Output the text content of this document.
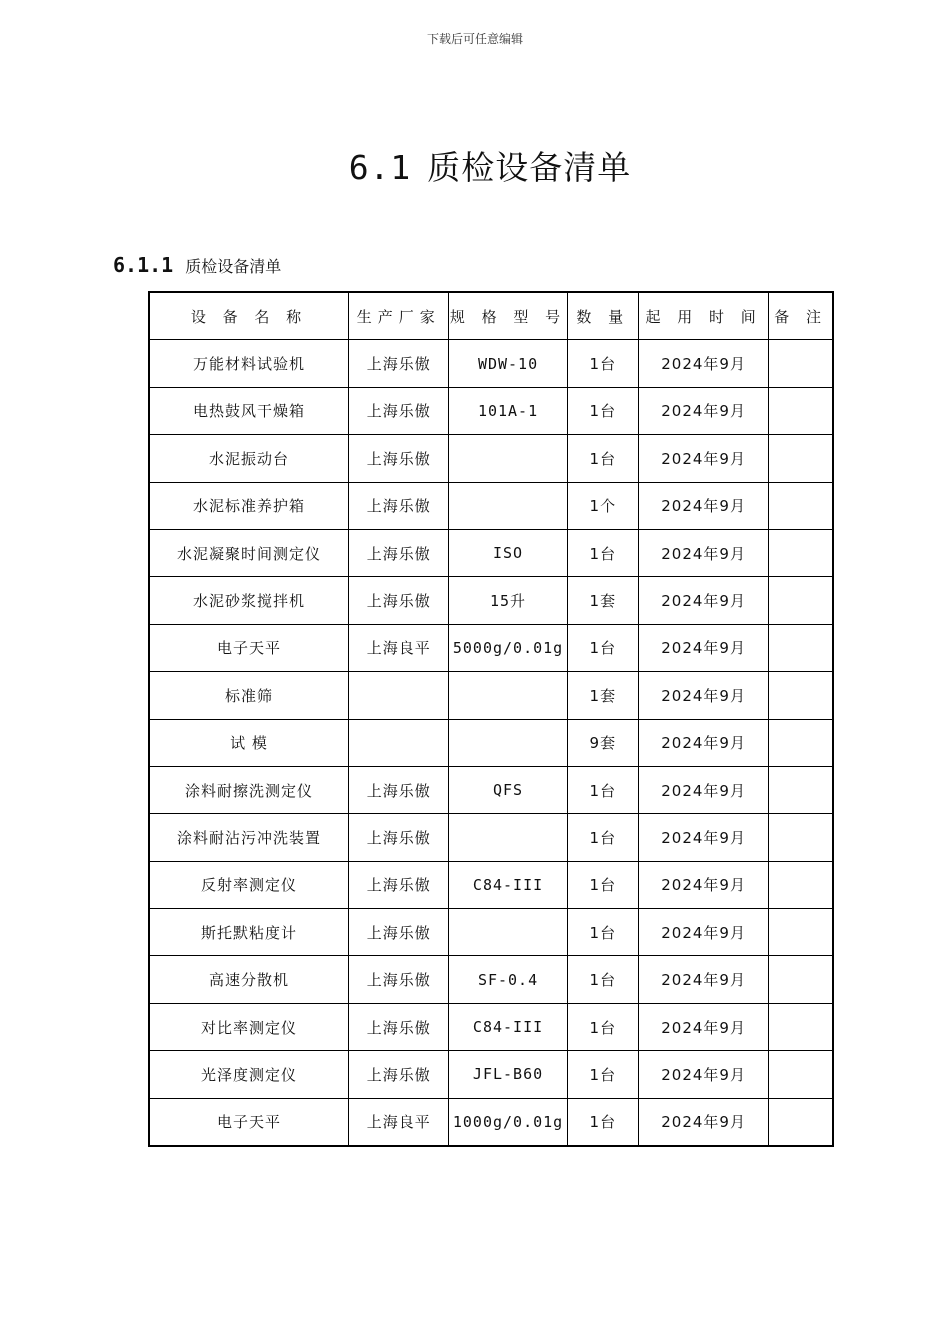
下载后可任意编辑
6.1 质检设备清单
6.1.1 质检设备清单
设 备 名 称	生产厂家	规 格 型 号	数 量	起 用 时 间	备 注
万能材料试验机	上海乐傲	WDW-10	1台	2024年9月	
电热鼓风干燥箱	上海乐傲	101A-1	1台	2024年9月	
水泥振动台	上海乐傲		1台	2024年9月	
水泥标准养护箱	上海乐傲		1个	2024年9月	
水泥凝聚时间测定仪	上海乐傲	ISO	1台	2024年9月	
水泥砂浆搅拌机	上海乐傲	15升	1套	2024年9月	
电子天平	上海良平	5000g/0.01g	1台	2024年9月	
标准筛			1套	2024年9月	
试 模			9套	2024年9月	
涂料耐擦洗测定仪	上海乐傲	QFS	1台	2024年9月	
涂料耐沾污冲洗装置	上海乐傲		1台	2024年9月	
反射率测定仪	上海乐傲	C84-III	1台	2024年9月	
斯托默粘度计	上海乐傲		1台	2024年9月	
高速分散机	上海乐傲	SF-0.4	1台	2024年9月	
对比率测定仪	上海乐傲	C84-III	1台	2024年9月	
光泽度测定仪	上海乐傲	JFL-B60	1台	2024年9月	
电子天平	上海良平	1000g/0.01g	1台	2024年9月	
